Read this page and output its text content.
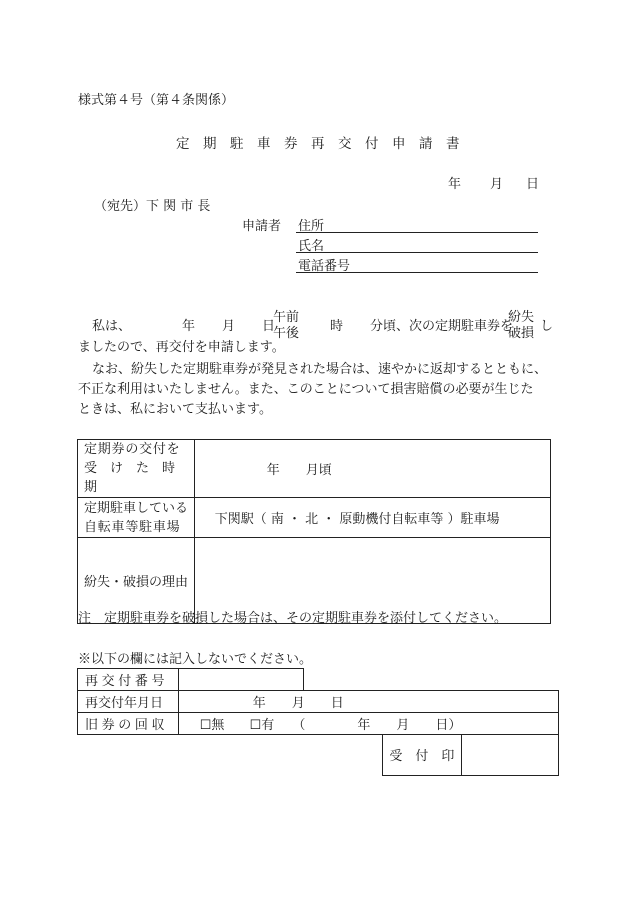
様式第４号（第４条関係）
定　期　駐　車　券　再　交　付　申　請　書
年 月 日
（宛先）下 関 市 長
申請者 住所
氏名
電話番号
私は、	年 月 日
午前
午後 時 分頃、次の定期駐車券を
紛失
破損 し
ましたので、再交付を申請します。
なお、紛失した定期駐車券が発見された場合は、速やかに返却するとともに、
不正な利用はいたしません。また、このことについて損害賠償の必要が生じた
ときは、私において支払います。
定期券の交付を
受　け　た　時　期	年　　月頃

定期駐車している
自転車等駐車場	下関駅（ 南 ・ 北 ・ 原動機付自転車等 ）駐車場
紛失・破損の理由	
注　定期駐車券を破損した場合は、その定期駐車券を添付してください。
※以下の欄には記入しないでください。
再交付番号		
再交付年月日	年　　月　　日	
旧券の回収	☐無 ☐有 （　　　　年　　月　　日）	
受　付　印	
